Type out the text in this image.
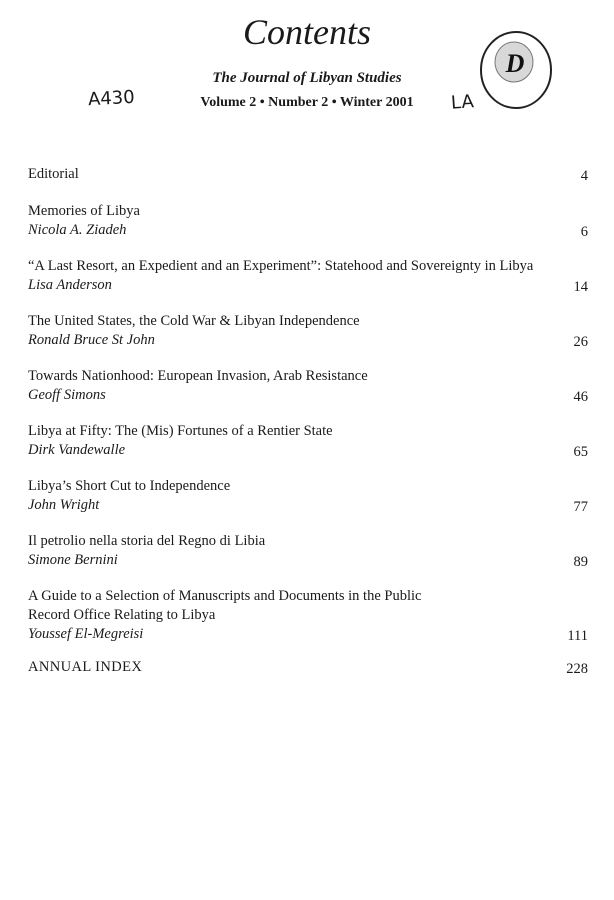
Contents
The Journal of Libyan Studies
Volume 2 • Number 2 • Winter 2001
A430	LA
D
Editorial	4
Memories of Libya
Nicola A. Ziadeh	6
“A Last Resort, an Expedient and an Experiment”: Statehood and Sovereignty in Libya
Lisa Anderson	14
The United States, the Cold War & Libyan Independence
Ronald Bruce St John	26
Towards Nationhood: European Invasion, Arab Resistance
Geoff Simons	46
Libya at Fifty: The (Mis) Fortunes of a Rentier State
Dirk Vandewalle	65
Libya’s Short Cut to Independence
John Wright	77
Il petrolio nella storia del Regno di Libia
Simone Bernini	89
A Guide to a Selection of Manuscripts and Documents in the Public Record Office Relating to Libya
Youssef El-Megreisi	111
ANNUAL INDEX	228
